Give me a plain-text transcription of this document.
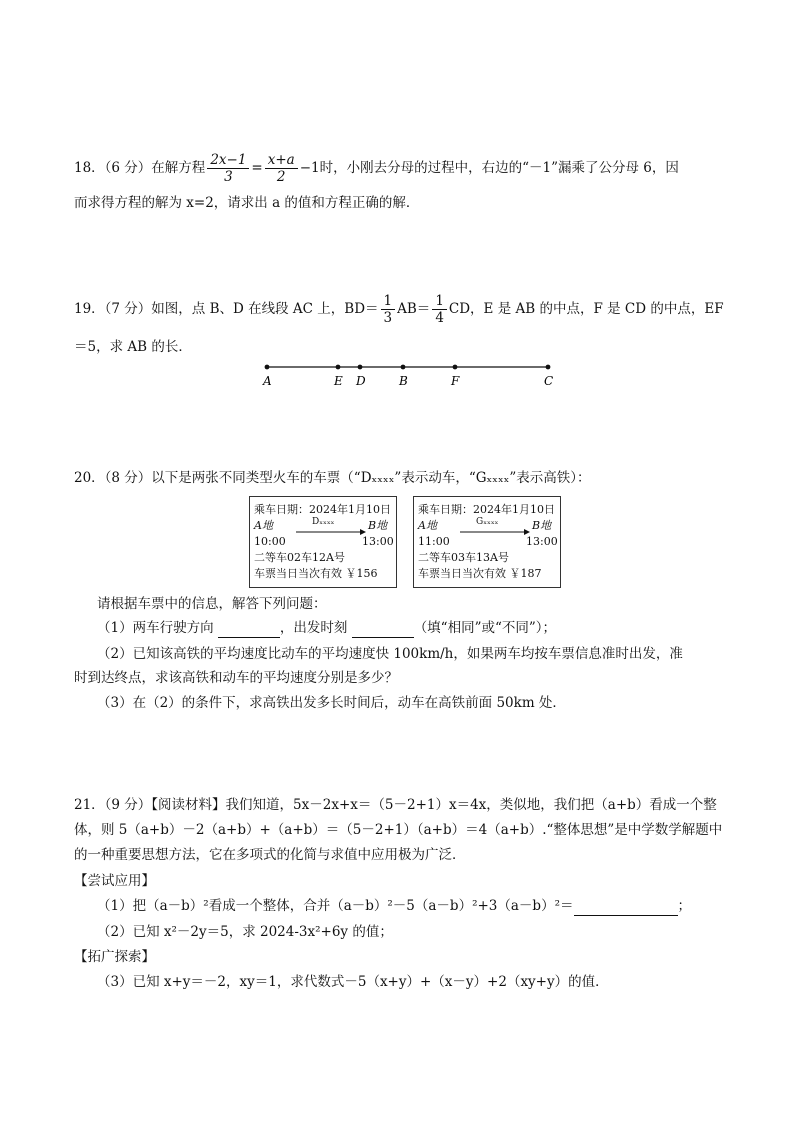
18．（6 分）在解方程 $\frac{2x-1}{3} = \frac{x+a}{2} -1$时，小刚去分母的过程中，右边的“－1”漏乘了公分母 6，因
而求得方程的解为 x=2，请求出 a 的值和方程正确的解．
19．（7 分）如图，点 B、D 在线段 AC 上，$BD= \frac{1}{3} AB= \frac{1}{4}$ CD，E 是 AB 的中点，F 是 CD 的中点，EF
＝5，求 AB 的长．
A	E D	B	F	C
20．（8 分）以下是两张不同类型火车的车票（“Dₓₓₓₓ”表示动车，“Gₓₓₓₓ”表示高铁）：
乘车日期：2024年1月10日
A地	Dₓₓₓₓ	B地
10:00	13:00
二等车02车12A号
车票当日当次有效 ￥156
乘车日期：2024年1月10日
A地	Gₓₓₓₓ	B地
11:00	13:00
二等车03车13A号
车票当日当次有效 ￥187
请根据车票中的信息，解答下列问题：
（1）两车行驶方向	，出发时刻	（填“相同”或“不同”）；
（2）已知该高铁的平均速度比动车的平均速度快 100km/h，如果两车均按车票信息准时出发，准
时到达终点，求该高铁和动车的平均速度分别是多少？
（3）在（2）的条件下，求高铁出发多长时间后，动车在高铁前面 50km 处．
21．（9 分）【阅读材料】我们知道，5x－2x+x＝（5－2+1）x＝4x，类似地，我们把（a+b）看成一个整
体，则 5（a+b）－2（a+b）+（a+b）＝（5－2+1）（a+b）＝4（a+b）.“整体思想”是中学数学解题中
的一种重要思想方法，它在多项式的化简与求值中应用极为广泛．
【尝试应用】
（1）把（a－b）²看成一个整体，合并（a－b）²－5（a－b）²+3（a－b）²＝	；
（2）已知 x²－2y＝5，求 2024-3x²+6y 的值；
【拓广探索】
（3）已知 x+y＝－2，xy＝1，求代数式－5（x+y）+（x－y）+2（xy+y）的值．
